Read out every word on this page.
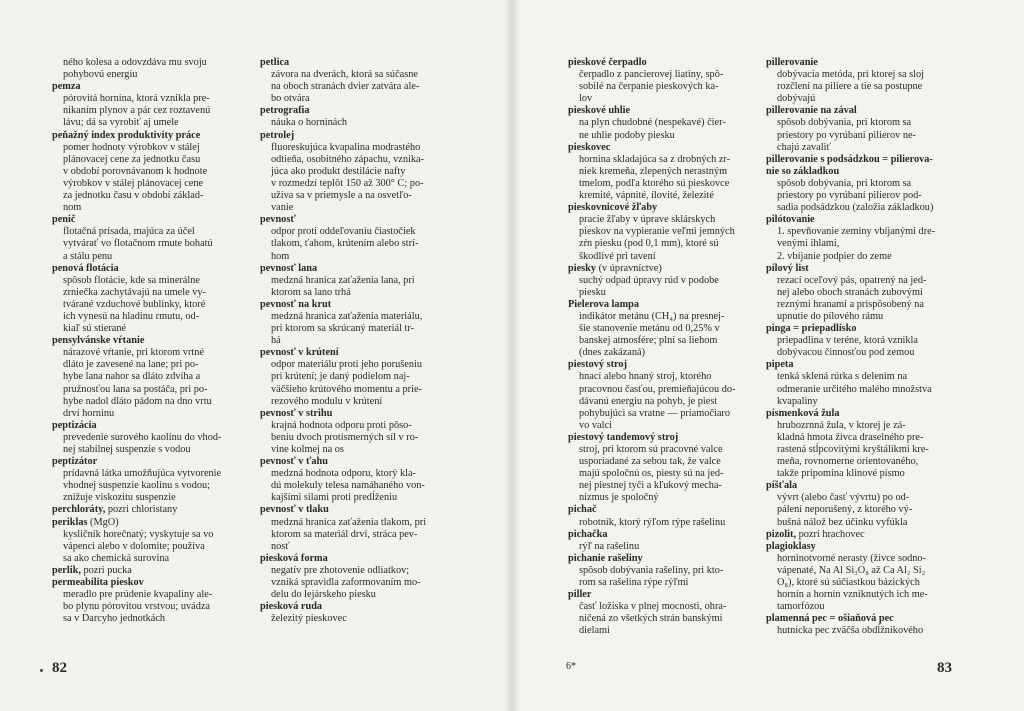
ného kolesa a odovzdáva mu svoju
pohybovú energiu
pemza
pórovitá hornina, ktorá vznikla pre-
nikaním plynov a pár cez roztavenú
lávu; dá sa vyrobiť aj umele
peňažný index produktivity práce
pomer hodnoty výrobkov v stálej
plánovacej cene za jednotku času
v období porovnávanom k hodnote
výrobkov v stálej plánovacej cene
za jednotku času v období základ-
nom
penič
flotačná prísada, majúca za účel
vytvárať vo flotačnom rmute bohatú
a stálu penu
penová flotácia
spôsob flotácie, kde sa minerálne
zrniečka zachytávajú na umele vy-
tvárané vzduchové bublinky, ktoré
ich vynesú na hladinu rmutu, od-
kiaľ sú stierané
pensylvánske vŕtanie
nárazové vŕtanie, pri ktorom vrtné
dláto je zavesené na lane; pri po-
hybe lana nahor sa dláto zdvíha a
pružnosťou lana sa postáča, pri po-
hybe nadol dláto pádom na dno vrtu
drví horninu
peptizácia
prevedenie surového kaolínu do vhod-
nej stabilnej suspenzie s vodou
peptizátor
prídavná látka umožňujúca vytvorenie
vhodnej suspenzie kaolínu s vodou;
znižuje viskozitu suspenzie
perchloráty, pozri chloristany
periklas (MgO)
kysličník horečnatý; vyskytuje sa vo
vápenci alebo v dolomite; používa
sa ako chemická surovina
perlik, pozri pucka
permeabilita pieskov
meradlo pre prúdenie kvapaliny ale-
bo plynu pórovitou vrstvou; uvádza
sa v Darcyho jednotkách
petlica
závora na dverách, ktorá sa súčasne
na oboch stranách dvier zatvára ale-
bo otvára
petrografia
náuka o horninách
petrolej
fluoreskujúca kvapalina modrastého
odtieňa, osobitného zápachu, vznika-
júca ako produkt destilácie nafty
v rozmedzí teplôt 150 až 300° C; po-
užíva sa v priemysle a na osvetľo-
vanie
pevnosť
odpor proti oddeľovaniu čiastočiek
tlakom, ťahom, krútením alebo strí-
hom
pevnosť lana
medzná hranica zaťaženia lana, pri
ktorom sa lano trhá
pevnosť na krut
medzná hranica zaťaženia materiálu,
pri ktorom sa skrúcaný materiál tr-
há
pevnosť v krútení
odpor materiálu proti jeho porušeniu
pri krútení; je daný podielom naj-
väčšieho krútového momentu a prie-
rezového modulu v krútení
pevnosť v strihu
krajná hodnota odporu proti pôso-
beniu dvoch protismerných síl v ro-
vine kolmej na os
pevnosť v ťahu
medzná hodnota odporu, ktorý kla-
dú molekuly telesa namáhaného von-
kajšími silami proti predĺženiu
pevnosť v tlaku
medzná hranica zaťaženia tlakom, pri
ktorom sa materiál drví, stráca pev-
nosť
piesková forma
negatív pre zhotovenie odliatkov;
vzniká spravidla zaformovaním mo-
delu do lejárskeho piesku
piesková ruda
železitý pieskovec
82
pieskové čerpadlo
čerpadlo z pancierovej liatiny, spô-
sobilé na čerpanie pieskových ka-
lov
pieskové uhlie
na plyn chudobné (nespekavé) čier-
ne uhlie podoby piesku
pieskovec
hornina skladajúca sa z drobných zr-
niek kremeňa, zlepených nerastným
tmelom, podľa ktorého sú pieskovce
kremité, vápnité, ílovité, železité
pieskovnicové žľaby
pracie žľaby v úprave sklárskych
pieskov na vypieranie veľmi jemných
zŕn piesku (pod 0,1 mm), ktoré sú
škodlivé pri tavení
piesky (v úpravníctve)
suchý odpad úpravy rúd v podobe
piesku
Pielerova lampa
indikátor metánu (CH₄) na presnej-
šie stanovenie metánu od 0,25% v
banskej atmosfére; plní sa liehom
(dnes zakázaná)
piestový stroj
hnací alebo hnaný stroj, ktorého
pracovnou časťou, premieňajúcou do-
dávanú energiu na pohyb, je piest
pohybujúci sa vratne — priamočiaro
vo valci
piestový tandemový stroj
stroj, pri ktorom sú pracovné valce
usporiadané za sebou tak, že valce
majú spoločnú os, piesty sú na jed-
nej piestnej tyči a kľukový mecha-
nizmus je spoločný
pichač
robotník, ktorý rýľom rýpe rašelinu
pichačka
rýľ na rašelinu
pichanie rašeliny
spôsob dobývania rašeliny, pri kto-
rom sa rašelina rýpe rýľmi
piller
časť ložiska v plnej mocnosti, ohra-
ničená zo všetkých strán banskými
dielami
pillerovanie
dobývacia metóda, pri ktorej sa sloj
rozčlení na piliere a tie sa postupne
dobývajú
pillerovanie na zával
spôsob dobývania, pri ktorom sa
priestory po vyrúbaní pilierov ne-
chajú zavaliť
pillerovanie s podsádzkou = pilierova-
nie so základkou
spôsob dobývania, pri ktorom sa
priestory po vyrúbaní pilierov pod-
sadia podsádzkou (založia základkou)
pilótovanie
1. spevňovanie zeminy vbíjanými dre-
venými ihlami,
2. vbíjanie podpier do zeme
pílový list
rezací oceľový pás, opatrený na jed-
nej alebo oboch stranách zubovými
reznými hranami a prispôsobený na
upnutie do pílového rámu
pinga = priepadlisko
priepadlina v teréne, ktorá vznikla
dobývacou činnosťou pod zemou
pipeta
tenká sklená rúrka s delením na
odmeranie určitého malého množstva
kvapaliny
písmenková žula
hrubozrnná žula, v ktorej je zá-
kladná hmota živca draselného pre-
rastená stĺpcovitými kryštálikmi kre-
meňa, rovnomerne orientovaného,
takže pripomína klinové písmo
píšťala
vývrt (alebo časť vývrtu) po od-
pálení neporušený, z ktorého vý-
bušná nálož bez účinku vyfúkla
pizolit, pozri hrachovec
plagioklasy
horninotvorné nerasty (živce sodno-
vápenaté, Na Al Si₃O₈ až Ca Al₂ Si₂
O₈), ktoré sú súčiastkou bázických
hornín a hornín vzniknutých ich me-
tamorfózou
plamenná pec = ošiaňová pec
hutnícka pec zväčša obdĺžnikového
6*	83
